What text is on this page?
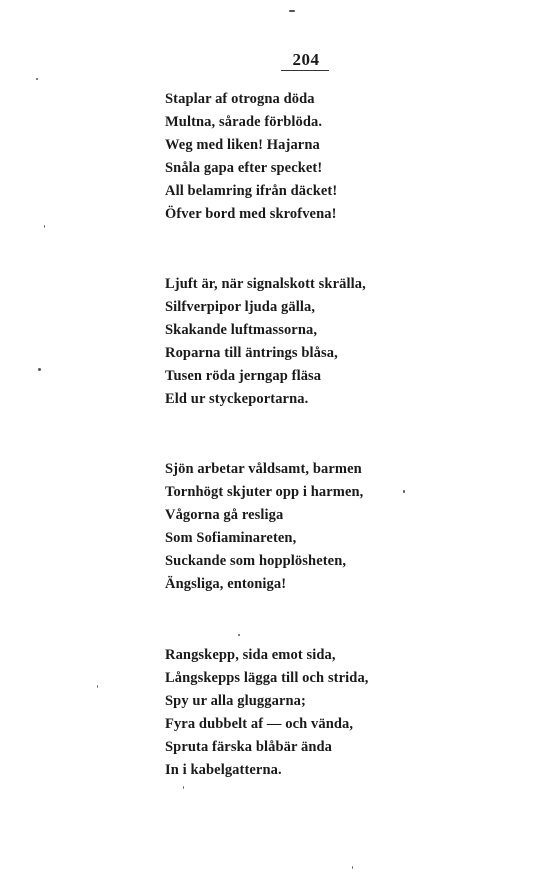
204
Staplar af otrogna döda
Multna, sårade förblöda.
Weg med liken! Hajarna
Snåla gapa efter specket!
All belamring ifrån däcket!
Öfver bord med skrofvena!
Ljuft är, när signalskott skrälla,
Silfverpipor ljuda gälla,
Skakande luftmassorna,
Roparna till äntrings blåsa,
Tusen röda jerngap fläsa
Eld ur styckeportarna.
Sjön arbetar våldsamt, barmen
Tornhögt skjuter opp i harmen,
Vågorna gå resliga
Som Sofiaminareten,
Suckande som hopplösheten,
Ängsliga, entoniga!
Rangskepp, sida emot sida,
Långskepps lägga till och strida,
Spy ur alla gluggarna;
Fyra dubbelt af — och vända,
Spruta färska blåbär ända
In i kabelgatterna.
